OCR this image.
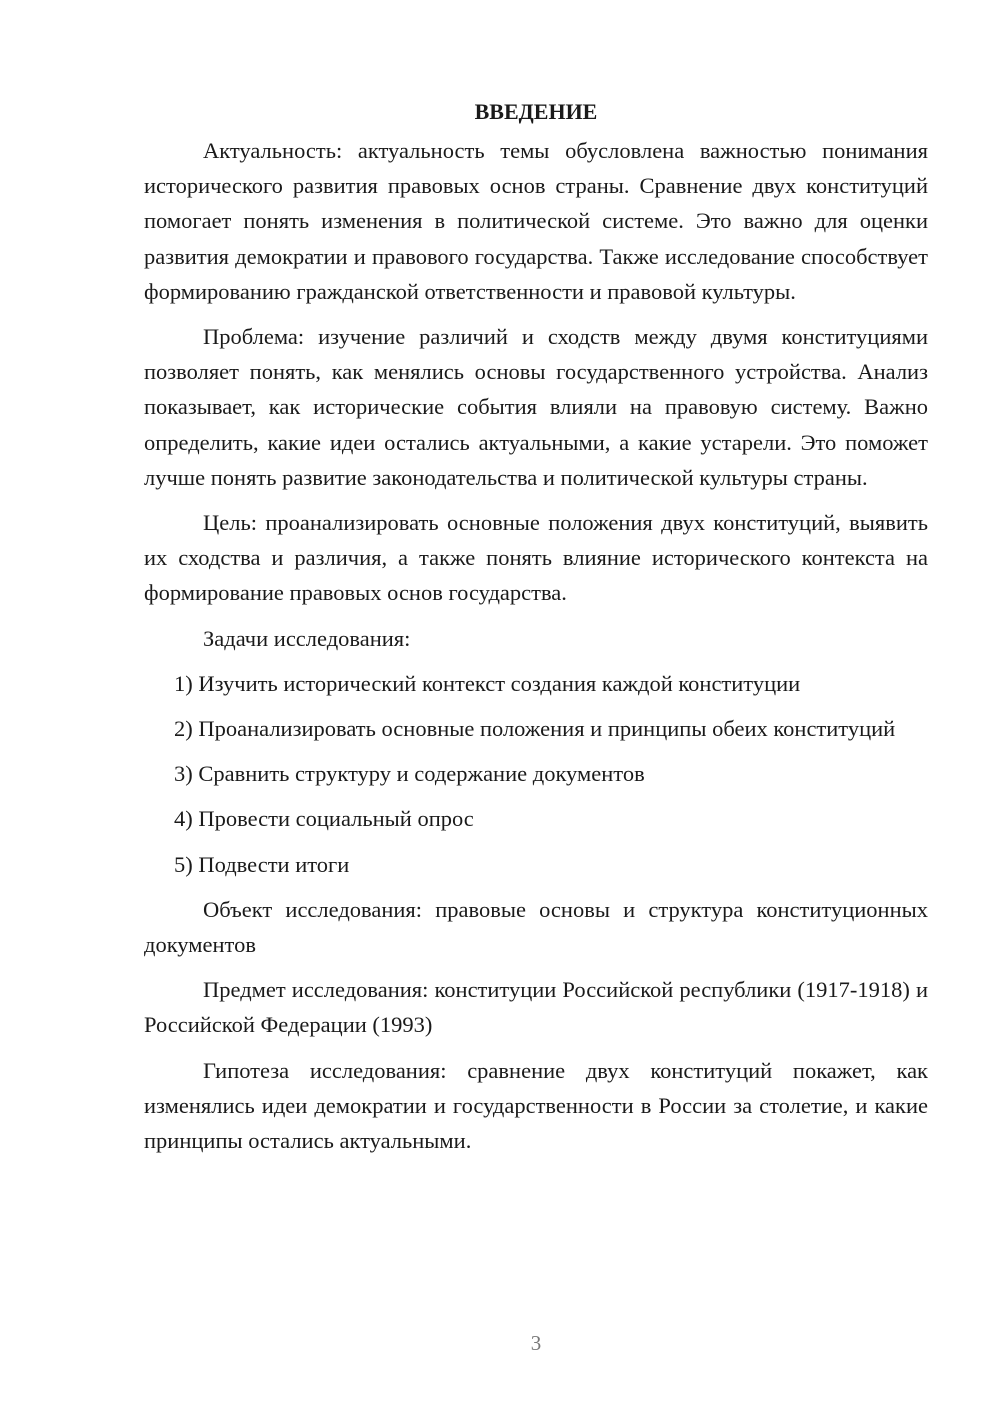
ВВЕДЕНИЕ

Актуальность: актуальность темы обусловлена важностью понимания исторического развития правовых основ страны. Сравнение двух конституций помогает понять изменения в политической системе. Это важно для оценки развития демократии и правового государства. Также исследование способствует формированию гражданской ответственности и правовой культуры.

Проблема: изучение различий и сходств между двумя конституциями позволяет понять, как менялись основы государственного устройства. Анализ показывает, как исторические события влияли на правовую систему. Важно определить, какие идеи остались актуальными, а какие устарели. Это поможет лучше понять развитие законодательства и политической культуры страны.

Цель: проанализировать основные положения двух конституций, выявить их сходства и различия, а также понять влияние исторического контекста на формирование правовых основ государства.

Задачи исследования:

1) Изучить исторический контекст создания каждой конституции

2) Проанализировать основные положения и принципы обеих конституций

3) Сравнить структуру и содержание документов

4) Провести социальный опрос

5) Подвести итоги

Объект исследования: правовые основы и структура конституционных документов

Предмет исследования: конституции Российской республики (1917-1918) и Российской Федерации (1993)

Гипотеза исследования: сравнение двух конституций покажет, как изменялись идеи демократии и государственности в России за столетие, и какие принципы остались актуальными.

3
